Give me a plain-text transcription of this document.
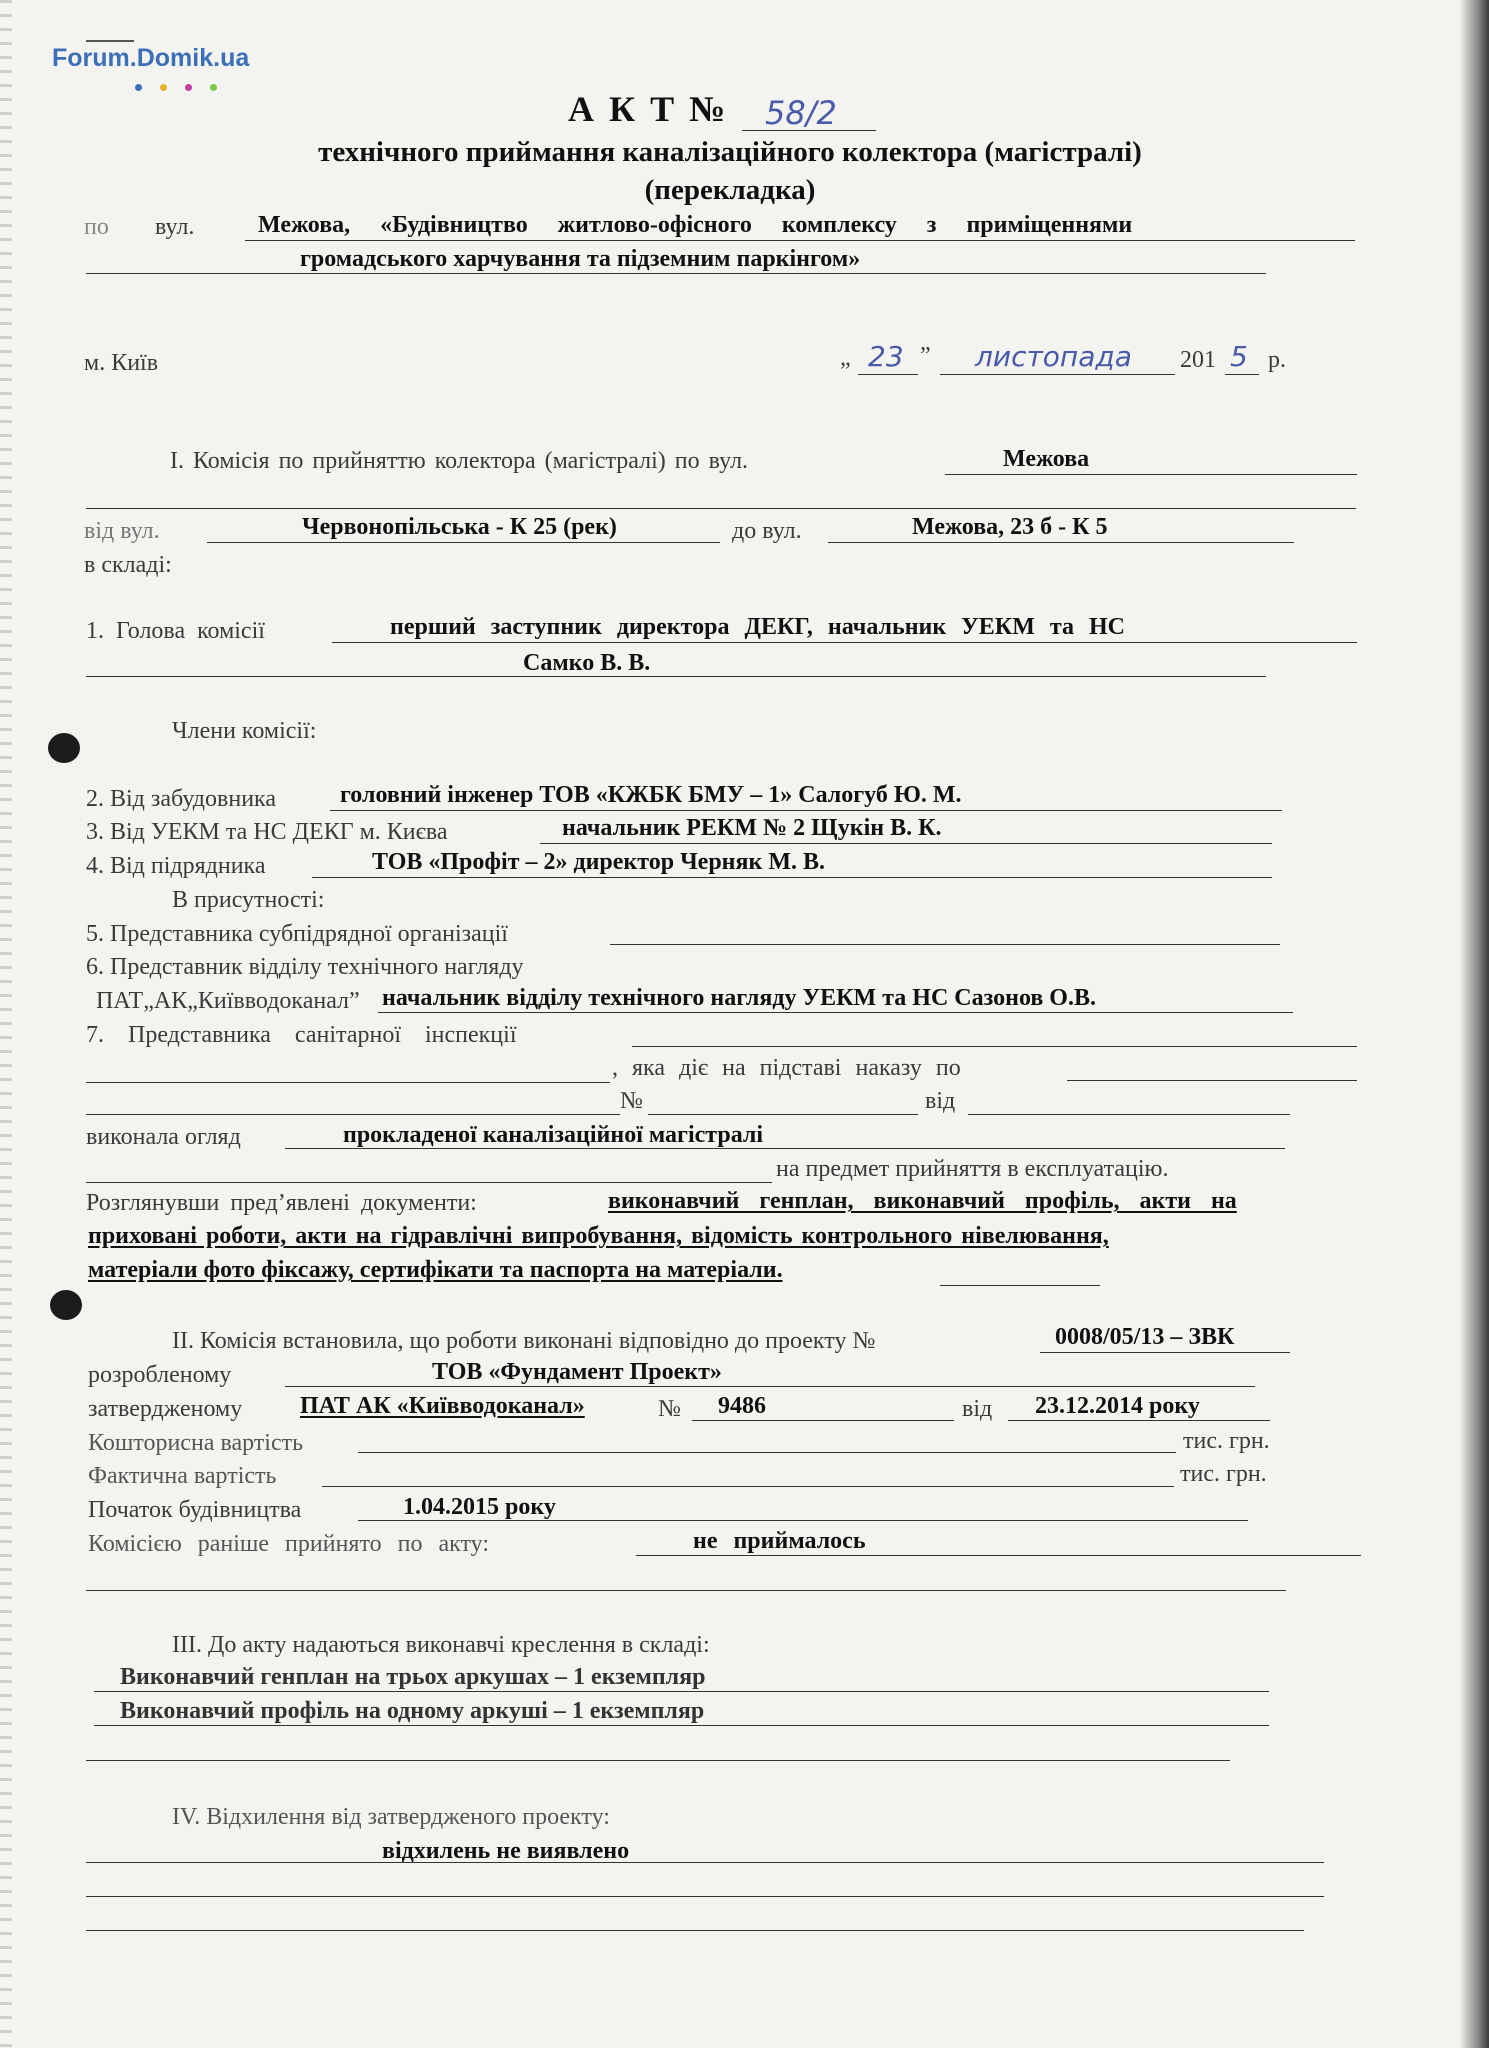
Forum.Domik.ua
А К Т № 58/2
технічного приймання каналізаційного колектора (магістралі)
(перекладка)
по вул.	Межова, «Будівництво житлово-офісного комплексу з приміщеннями
громадського харчування та підземним паркінгом»
м. Київ	„ 23 ” листопада 201 5 р.
І. Комісія по прийняттю колектора (магістралі) по вул.	Межова
від вул.	Червонопільська - К 25 (рек)	до вул.	Межова, 23 б - К 5
в складі:
1. Голова комісії	перший заступник директора ДЕКГ, начальник УЕКМ та НС
Самко В. В.
Члени комісії:
2. Від забудовника	головний інженер ТОВ «КЖБК БМУ – 1» Салогуб Ю. М.
3. Від УЕКМ та НС ДЕКГ м. Києва	начальник РЕКМ № 2 Щукін В. К.
4. Від підрядника	ТОВ «Профіт – 2» директор Черняк М. В.
В присутності:
5. Представника субпідрядної організації
6. Представник відділу технічного нагляду
ПАТ„АК„Київводоканал” начальник відділу технічного нагляду УЕКМ та НС Сазонов О.В.
7. Представника санітарної інспекції
, яка діє на підставі наказу по
№	від
виконала огляд	прокладеної каналізаційної магістралі
на предмет прийняття в експлуатацію.
Розглянувши пред’явлені документи:	виконавчий генплан, виконавчий профіль, акти на
приховані роботи, акти на гідравлічні випробування, відомість контрольного нівелювання,
матеріали фото фіксажу, сертифікати та паспорта на матеріали.
ІІ. Комісія встановила, що роботи виконані відповідно до проекту №	0008/05/13 – ЗВК
розробленому	ТОВ «Фундамент Проект»
затвердженому ПАТ АК «Київводоканал»	№ 9486	від 23.12.2014 року
Кошторисна вартість	тис. грн.
Фактична вартість	тис. грн.
Початок будівництва	1.04.2015 року
Комісією раніше прийнято по акту:	не приймалось
ІІІ. До акту надаються виконавчі креслення в складі:
Виконавчий генплан на трьох аркушах – 1 екземпляр
Виконавчий профіль на одному аркуші – 1 екземпляр
IV. Відхилення від затвердженого проекту:
відхилень не виявлено
